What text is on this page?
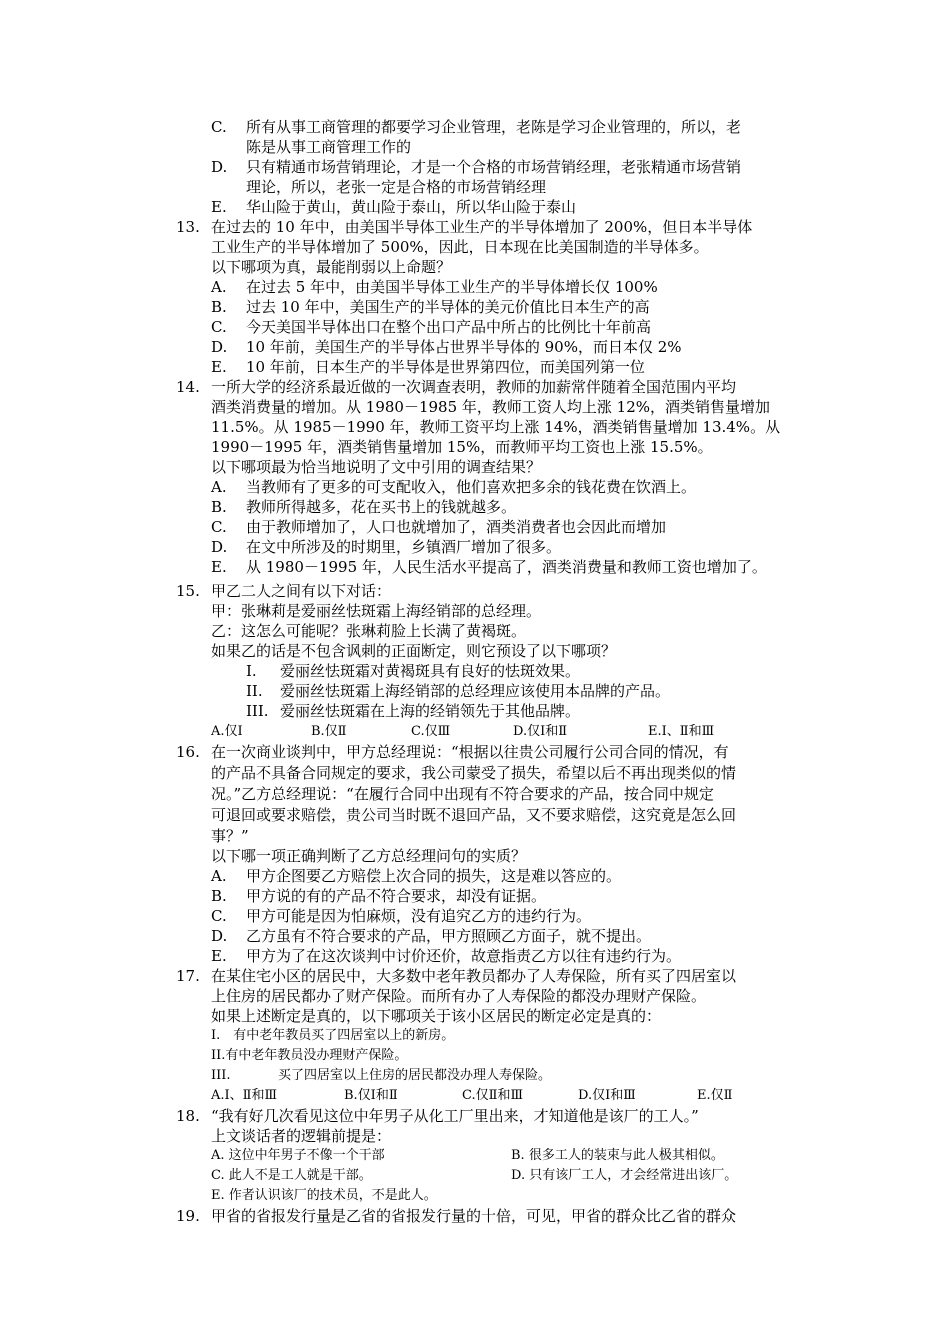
C. 所有从事工商管理的都要学习企业管理，老陈是学习企业管理的，所以，老
陈是从事工商管理工作的
D. 只有精通市场营销理论，才是一个合格的市场营销经理，老张精通市场营销
理论，所以，老张一定是合格的市场营销经理
E. 华山险于黄山，黄山险于泰山，所以华山险于泰山
13. 在过去的 10 年中，由美国半导体工业生产的半导体增加了 200%，但日本半导体
工业生产的半导体增加了 500%，因此，日本现在比美国制造的半导体多。
以下哪项为真，最能削弱以上命题？
A. 在过去 5 年中，由美国半导体工业生产的半导体增长仅 100%
B. 过去 10 年中，美国生产的半导体的美元价值比日本生产的高
C. 今天美国半导体出口在整个出口产品中所占的比例比十年前高
D. 10 年前，美国生产的半导体占世界半导体的 90%，而日本仅 2%
E. 10 年前，日本生产的半导体是世界第四位，而美国列第一位
14. 一所大学的经济系最近做的一次调查表明，教师的加薪常伴随着全国范围内平均
酒类消费量的增加。从 1980－1985 年，教师工资人均上涨 12%，酒类销售量增加
11.5%。从 1985－1990 年，教师工资平均上涨 14%，酒类销售量增加 13.4%。从
1990－1995 年，酒类销售量增加 15%，而教师平均工资也上涨 15.5%。
以下哪项最为恰当地说明了文中引用的调查结果？
A. 当教师有了更多的可支配收入，他们喜欢把多余的钱花费在饮酒上。
B. 教师所得越多，花在买书上的钱就越多。
C. 由于教师增加了，人口也就增加了，酒类消费者也会因此而增加
D. 在文中所涉及的时期里，乡镇酒厂增加了很多。
E. 从 1980－1995 年，人民生活水平提高了，酒类消费量和教师工资也增加了。
15. 甲乙二人之间有以下对话：
甲：张琳莉是爱丽丝怯斑霜上海经销部的总经理。
乙：这怎么可能呢？张琳莉脸上长满了黄褐斑。
如果乙的话是不包含讽刺的正面断定，则它预设了以下哪项？
I. 爱丽丝怯斑霜对黄褐斑具有良好的怯斑效果。
II. 爱丽丝怯斑霜上海经销部的总经理应该使用本品牌的产品。
III. 爱丽丝怯斑霜在上海的经销领先于其他品牌。
A.仅Ⅰ	B.仅Ⅱ	C.仅Ⅲ	D.仅Ⅰ和Ⅱ	E.Ⅰ、Ⅱ和Ⅲ
16. 在一次商业谈判中，甲方总经理说：“根据以往贵公司履行公司合同的情况，有
的产品不具备合同规定的要求，我公司蒙受了损失，希望以后不再出现类似的情
况。”乙方总经理说：“在履行合同中出现有不符合要求的产品，按合同中规定
可退回或要求赔偿，贵公司当时既不退回产品，又不要求赔偿，这究竟是怎么回
事？”
以下哪一项正确判断了乙方总经理问句的实质？
A. 甲方企图要乙方赔偿上次合同的损失，这是难以答应的。
B. 甲方说的有的产品不符合要求，却没有证据。
C. 甲方可能是因为怕麻烦，没有追究乙方的违约行为。
D. 乙方虽有不符合要求的产品，甲方照顾乙方面子，就不提出。
E. 甲方为了在这次谈判中讨价还价，故意指责乙方以往有违约行为。
17. 在某住宅小区的居民中，大多数中老年教员都办了人寿保险，所有买了四居室以
上住房的居民都办了财产保险。而所有办了人寿保险的都没办理财产保险。
如果上述断定是真的，以下哪项关于该小区居民的断定必定是真的：
I.　有中老年教员买了四居室以上的新房。
II.有中老年教员没办理财产保险。
III.	买了四居室以上住房的居民都没办理人寿保险。
A.Ⅰ、Ⅱ和Ⅲ	B.仅Ⅰ和Ⅱ	C.仅Ⅱ和Ⅲ	D.仅Ⅰ和Ⅲ	E.仅Ⅱ
18. “我有好几次看见这位中年男子从化工厂里出来，才知道他是该厂的工人。”
上文谈话者的逻辑前提是：
A. 这位中年男子不像一个干部	B. 很多工人的装束与此人极其相似。
C. 此人不是工人就是干部。	D. 只有该厂工人，才会经常进出该厂。
E. 作者认识该厂的技术员，不是此人。
19. 甲省的省报发行量是乙省的省报发行量的十倍，可见，甲省的群众比乙省的群众
